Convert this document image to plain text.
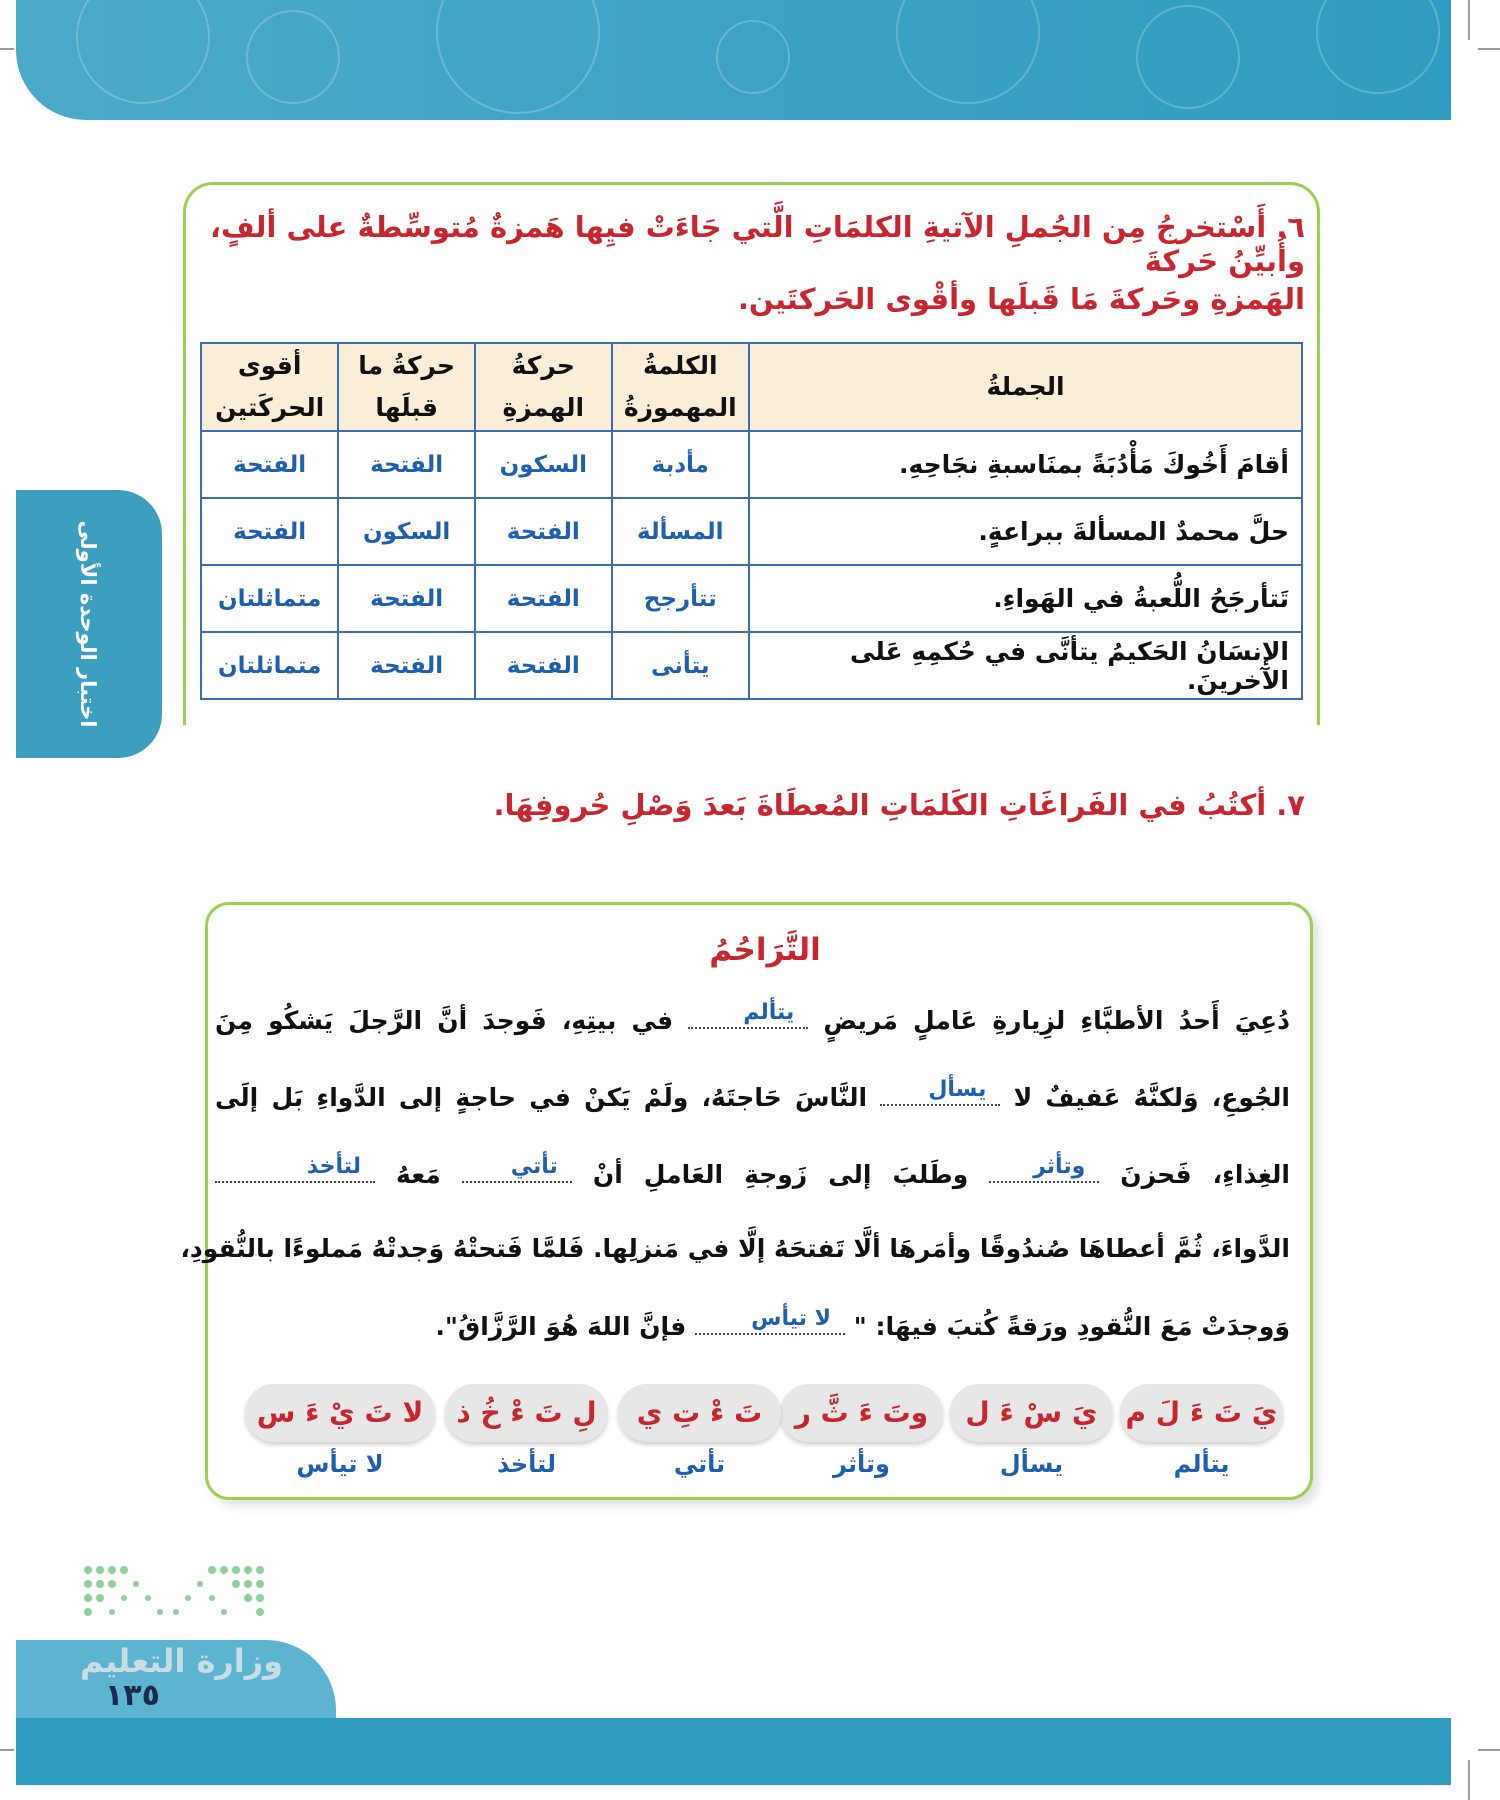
اختبار الوحدة الأولى
٦. أَسْتخرجُ مِن الجُملِ الآتيةِ الكلمَاتِ الَّتي جَاءَتْ فيِها هَمزةٌ مُتوسِّطةٌ على ألفٍ، وأُبيِّنُ حَركةَ
الهَمزةِ وحَركةَ مَا قَبلَها وأقْوى الحَركتَين.
الجملةُ	الكلمةُ المهموزةُ	حركةُ الهمزةِ	حركةُ ما قبلَها	أقوى الحركَتين
أقامَ أَخُوكَ مَأْدُبَةً بمنَاسبةِ نجَاحِهِ.	مأدبة	السكون	الفتحة	الفتحة
حلَّ محمدٌ المسألةَ ببراعةٍ.	المسألة	الفتحة	السكون	الفتحة
تَتأرجَحُ اللُّعبةُ في الهَواءِ.	تتأرجح	الفتحة	الفتحة	متماثلتان
الإنسَانُ الحَكيمُ يتأنَّى في حُكمِهِ عَلى الآخرينَ.	يتأنى	الفتحة	الفتحة	متماثلتان
٧. أكتُبُ في الفَراغَاتِ الكَلمَاتِ المُعطَاةَ بَعدَ وَصْلِ حُروفِهَا.
التَّرَاحُمُ
دُعِيَ أَحدُ الأطبَّاءِ لزِيارةِ عَاملٍ مَريضٍ
يتألم
في بيتِهِ، فَوجدَ أنَّ الرَّجلَ يَشكُو مِنَ
الجُوعِ، وَلكنَّهُ عَفيفٌ لا
يسأل
النَّاسَ حَاجتَهُ، ولَمْ يَكنْ في حاجةٍ إلى الدَّواءِ بَل إلَى
الغِذاءِ، فَحزنَ
وتأثر
وطَلبَ إلى زَوجةِ العَاملِ أنْ
تأتي
مَعهُ
لتأخذ
الدَّواءَ، ثُمَّ أعطاهَا صُندُوقًا وأمَرهَا ألَّا تَفتحَهُ إلَّا في مَنزلِها. فَلمَّا فَتحتْهُ وَجدتْهُ مَملوءًا بالنُّقودِ،
وَوجدَتْ مَعَ النُّقودِ ورَقةً كُتبَ فيهَا: "
لا تيأس
فإنَّ اللهَ هُوَ الرَّزَّاقُ".
يَ تَ ءَ لَ م
يَ سْ ءَ ل
وتَ ءَ ثَّ ر
تَ ءْ تِ ي
لِ تَ ءْ خُ ذ
لا تَ يْ ءَ س
يتألم
يسأل
وتأثر
تأتي
لتأخذ
لا تيأس
وزارة التعليم
١٣٥
